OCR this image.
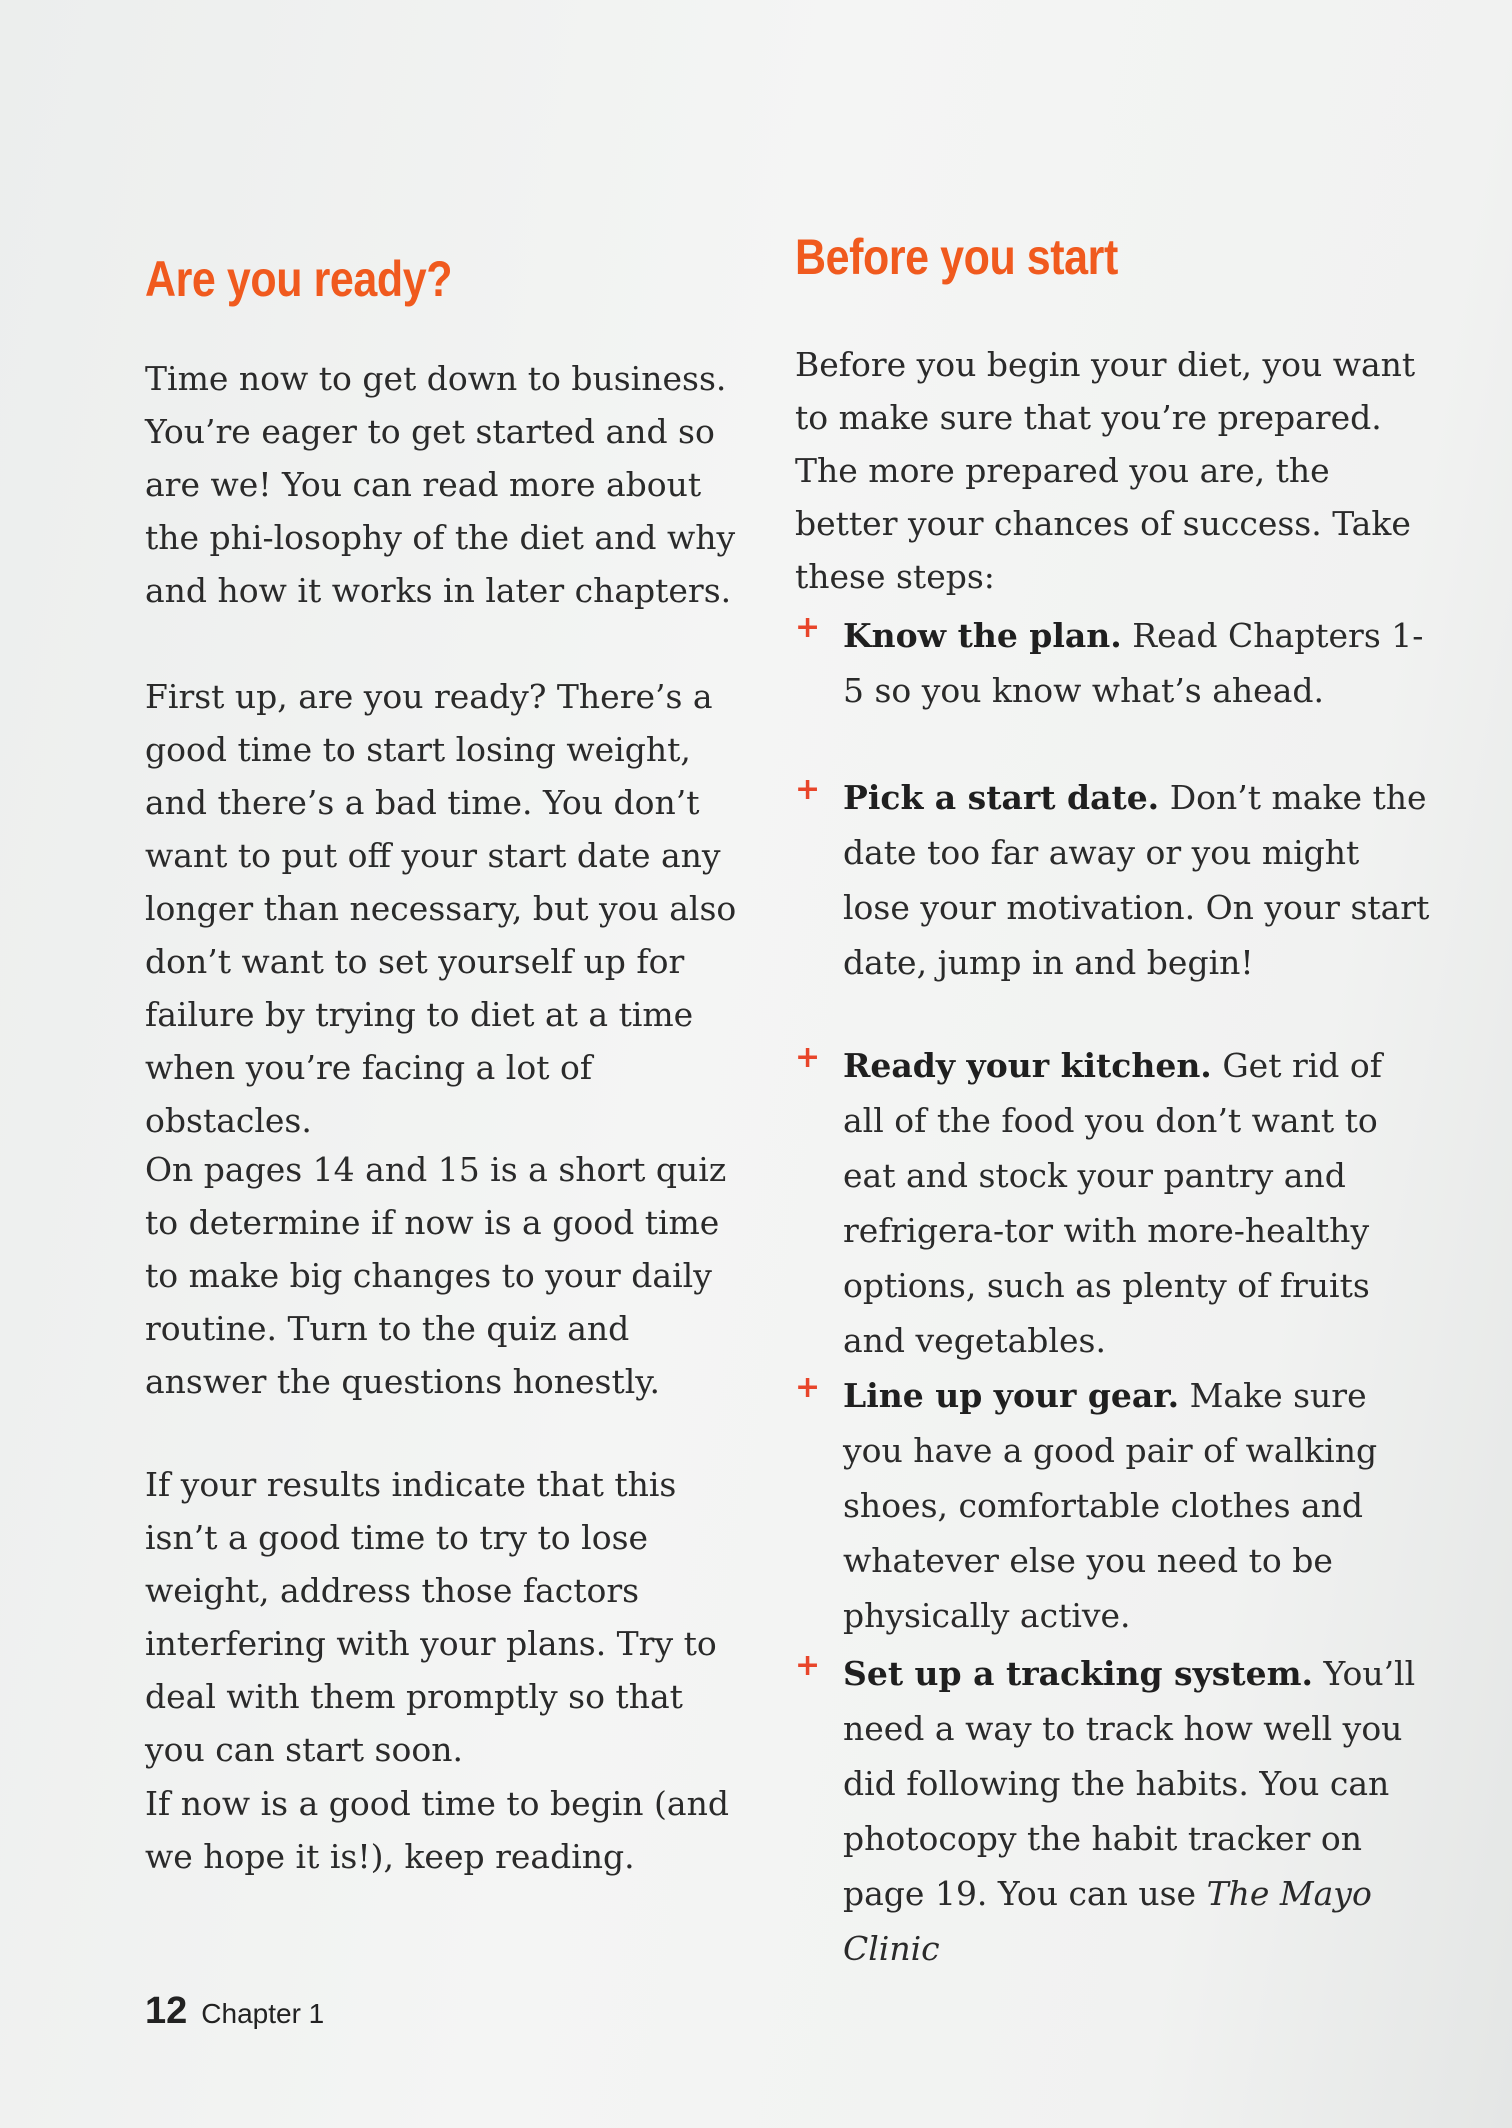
Are you ready?

Time now to get down to business. You’re eager to get started and so are we! You can read more about the phi-losophy of the diet and why and how it works in later chapters.

First up, are you ready? There’s a good time to start losing weight, and there’s a bad time. You don’t want to put off your start date any longer than necessary, but you also don’t want to set yourself up for failure by trying to diet at a time when you’re facing a lot of obstacles.

On pages 14 and 15 is a short quiz to determine if now is a good time to make big changes to your daily routine. Turn to the quiz and answer the questions honestly.

If your results indicate that this isn’t a good time to try to lose weight, address those factors interfering with your plans. Try to deal with them promptly so that you can start soon.

If now is a good time to begin (and we hope it is!), keep reading.

Before you start

Before you begin your diet, you want to make sure that you’re prepared. The more prepared you are, the better your chances of success. Take these steps:

+ Know the plan. Read Chapters 1-5 so you know what’s ahead.

+ Pick a start date. Don’t make the date too far away or you might lose your motivation. On your start date, jump in and begin!

+ Ready your kitchen. Get rid of all of the food you don’t want to eat and stock your pantry and refrigera-tor with more-healthy options, such as plenty of fruits and vegetables.

+ Line up your gear. Make sure you have a good pair of walking shoes, comfortable clothes and whatever else you need to be physically active.

+ Set up a tracking system. You’ll need a way to track how well you did following the habits. You can photocopy the habit tracker on page 19. You can use The Mayo Clinic

12 Chapter 1
